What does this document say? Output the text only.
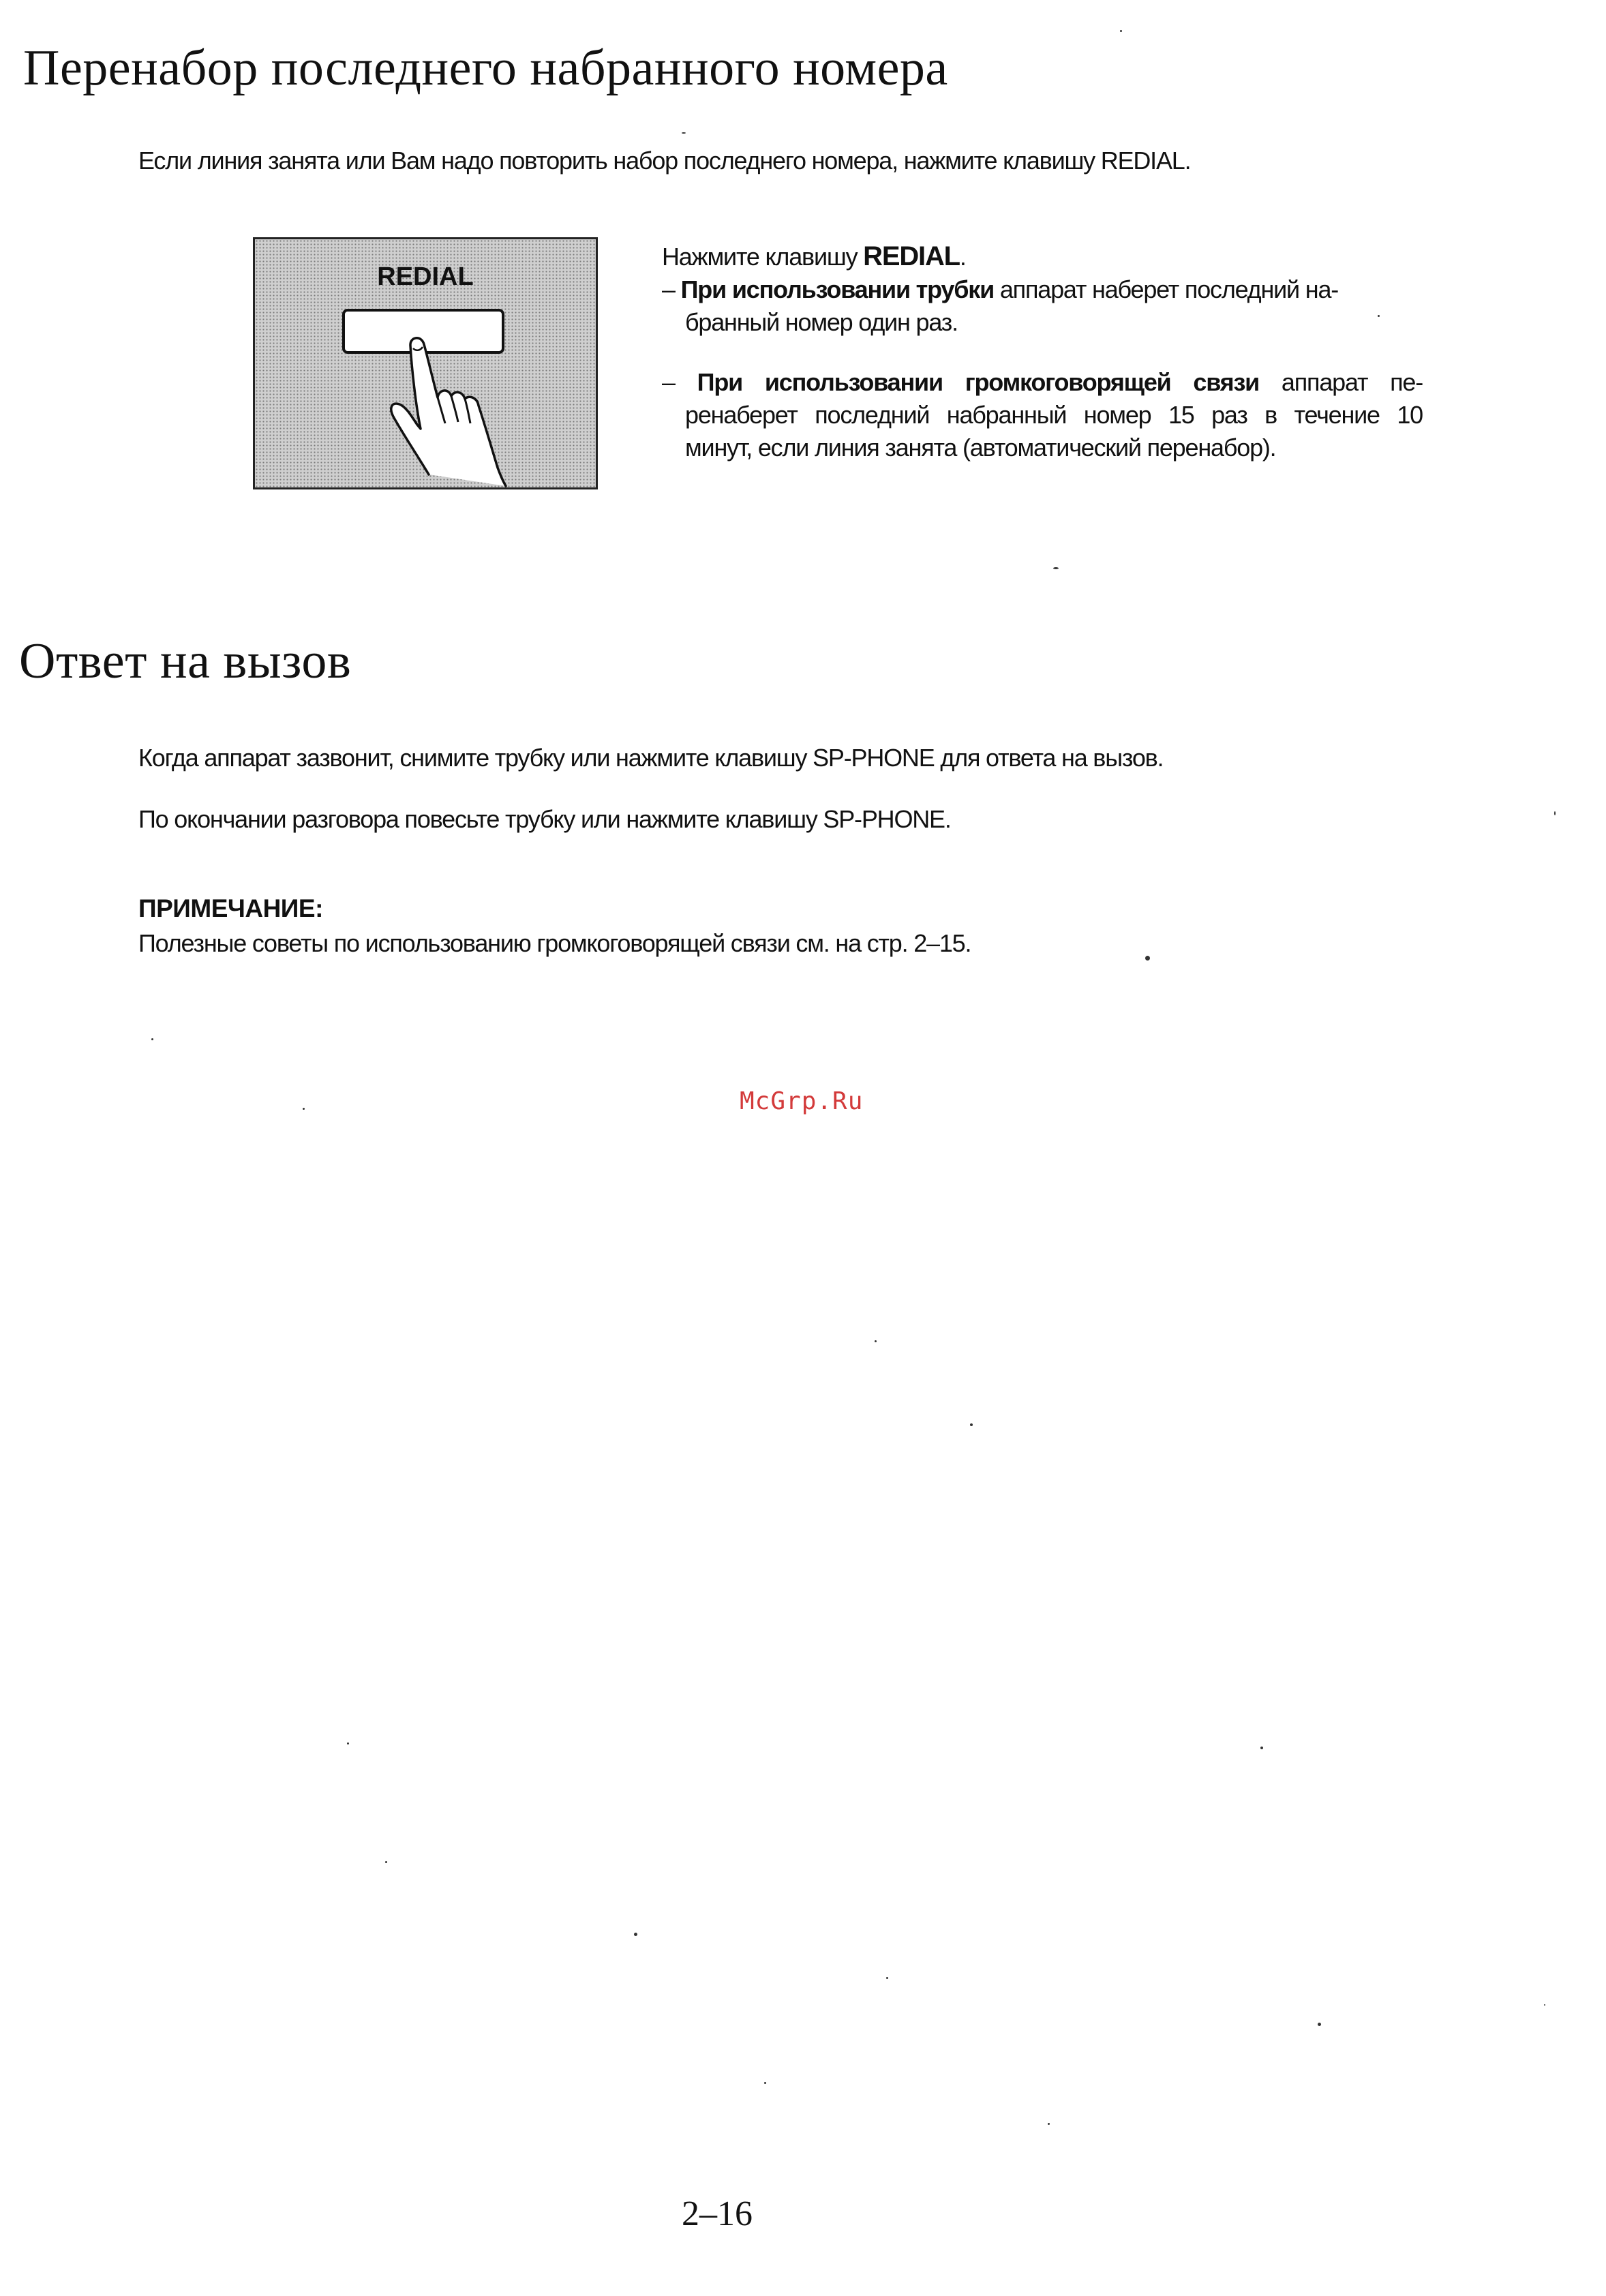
Перенабор последнего набранного номера
Если линия занята или Вам надо повторить набор последнего номера, нажмите клавишу REDIAL.
REDIAL
Нажмите клавишу REDIAL.
– При использовании трубки аппарат наберет последний на-
бранный номер один раз.
– При использовании громкоговорящей связи аппарат пе-
ренаберет последний набранный номер 15 раз в течение 10
минут, если линия занята (автоматический перенабор).
Ответ на вызов
Когда аппарат зазвонит, снимите трубку или нажмите клавишу SP-PHONE для ответа на вызов.
По окончании разговора повесьте трубку или нажмите клавишу SP-PHONE.
ПРИМЕЧАНИЕ:
Полезные советы по использованию громкоговорящей связи см. на стр. 2–15.
McGrp.Ru
2–16
